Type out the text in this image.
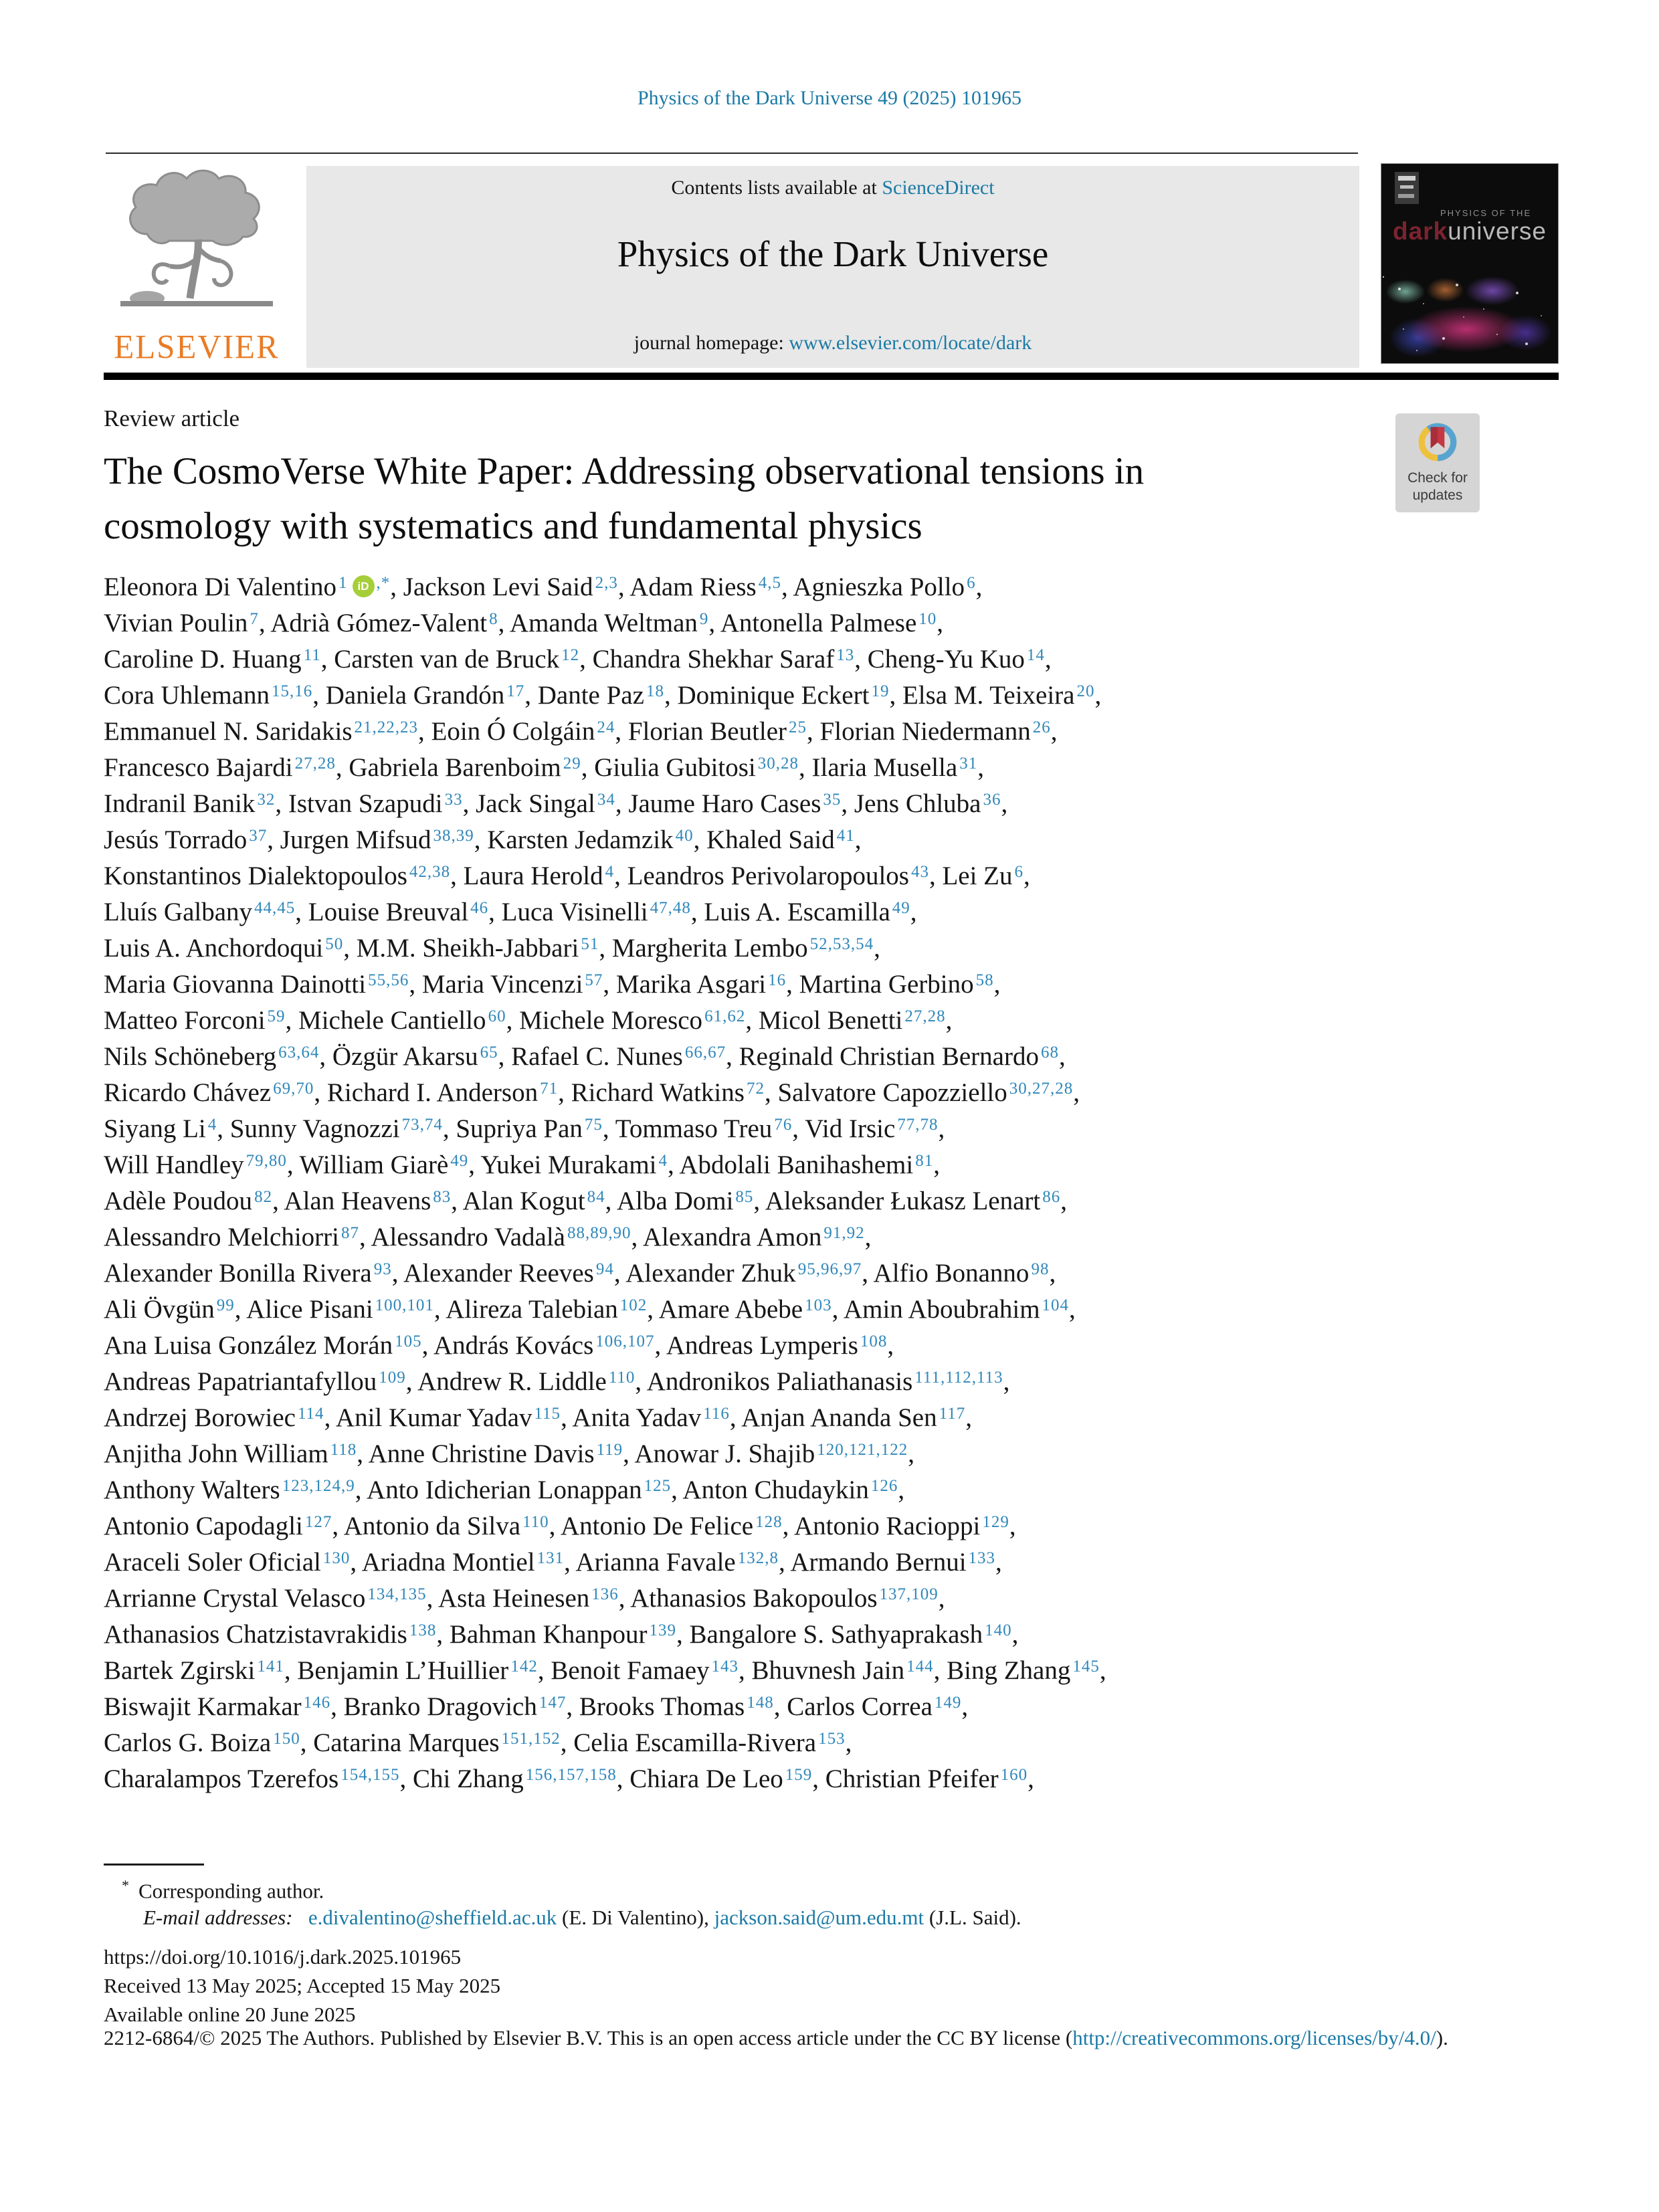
Physics of the Dark Universe 49 (2025) 101965
ELSEVIER
Contents lists available at ScienceDirect
Physics of the Dark Universe
journal homepage: www.elsevier.com/locate/dark
PHYSICS OF THE
darkuniverse
Review article
The CosmoVerse White Paper: Addressing observational tensions in
cosmology with systematics and fundamental physics
Check for
updates
Eleonora Di Valentino $^1$ iD ,*, Jackson Levi Said $^{2,3}$, Adam Riess $^{4,5}$, Agnieszka Pollo $^6$,
Vivian Poulin $^7$, Adrià Gómez-Valent $^8$, Amanda Weltman $^9$, Antonella Palmese $^{10}$,
Caroline D. Huang $^{11}$, Carsten van de Bruck $^{12}$, Chandra Shekhar Saraf $^{13}$, Cheng-Yu Kuo $^{14}$,
Cora Uhlemann $^{15,16}$, Daniela Grandón $^{17}$, Dante Paz $^{18}$, Dominique Eckert $^{19}$, Elsa M. Teixeira $^{20}$,
Emmanuel N. Saridakis $^{21,22,23}$, Eoin Ó Colgáin $^{24}$, Florian Beutler $^{25}$, Florian Niedermann $^{26}$,
Francesco Bajardi $^{27,28}$, Gabriela Barenboim $^{29}$, Giulia Gubitosi $^{30,28}$, Ilaria Musella $^{31}$,
Indranil Banik $^{32}$, Istvan Szapudi $^{33}$, Jack Singal $^{34}$, Jaume Haro Cases $^{35}$, Jens Chluba $^{36}$,
Jesús Torrado $^{37}$, Jurgen Mifsud $^{38,39}$, Karsten Jedamzik $^{40}$, Khaled Said $^{41}$,
Konstantinos Dialektopoulos $^{42,38}$, Laura Herold $^4$, Leandros Perivolaropoulos $^{43}$, Lei Zu $^6$,
Lluís Galbany $^{44,45}$, Louise Breuval $^{46}$, Luca Visinelli $^{47,48}$, Luis A. Escamilla $^{49}$,
Luis A. Anchordoqui $^{50}$, M.M. Sheikh-Jabbari $^{51}$, Margherita Lembo $^{52,53,54}$,
Maria Giovanna Dainotti $^{55,56}$, Maria Vincenzi $^{57}$, Marika Asgari $^{16}$, Martina Gerbino $^{58}$,
Matteo Forconi $^{59}$, Michele Cantiello $^{60}$, Michele Moresco $^{61,62}$, Micol Benetti $^{27,28}$,
Nils Schöneberg $^{63,64}$, Özgür Akarsu $^{65}$, Rafael C. Nunes $^{66,67}$, Reginald Christian Bernardo $^{68}$,
Ricardo Chávez $^{69,70}$, Richard I. Anderson $^{71}$, Richard Watkins $^{72}$, Salvatore Capozziello $^{30,27,28}$,
Siyang Li $^4$, Sunny Vagnozzi $^{73,74}$, Supriya Pan $^{75}$, Tommaso Treu $^{76}$, Vid Irsic $^{77,78}$,
Will Handley $^{79,80}$, William Giarè $^{49}$, Yukei Murakami $^4$, Abdolali Banihashemi $^{81}$,
Adèle Poudou $^{82}$, Alan Heavens $^{83}$, Alan Kogut $^{84}$, Alba Domi $^{85}$, Aleksander Łukasz Lenart $^{86}$,
Alessandro Melchiorri $^{87}$, Alessandro Vadalà $^{88,89,90}$, Alexandra Amon $^{91,92}$,
Alexander Bonilla Rivera $^{93}$, Alexander Reeves $^{94}$, Alexander Zhuk $^{95,96,97}$, Alfio Bonanno $^{98}$,
Ali Övgün $^{99}$, Alice Pisani $^{100,101}$, Alireza Talebian $^{102}$, Amare Abebe $^{103}$, Amin Aboubrahim $^{104}$,
Ana Luisa González Morán $^{105}$, András Kovács $^{106,107}$, Andreas Lymperis $^{108}$,
Andreas Papatriantafyllou $^{109}$, Andrew R. Liddle $^{110}$, Andronikos Paliathanasis $^{111,112,113}$,
Andrzej Borowiec $^{114}$, Anil Kumar Yadav $^{115}$, Anita Yadav $^{116}$, Anjan Ananda Sen $^{117}$,
Anjitha John William $^{118}$, Anne Christine Davis $^{119}$, Anowar J. Shajib $^{120,121,122}$,
Anthony Walters $^{123,124,9}$, Anto Idicherian Lonappan $^{125}$, Anton Chudaykin $^{126}$,
Antonio Capodagli $^{127}$, Antonio da Silva $^{110}$, Antonio De Felice $^{128}$, Antonio Racioppi $^{129}$,
Araceli Soler Oficial $^{130}$, Ariadna Montiel $^{131}$, Arianna Favale $^{132,8}$, Armando Bernui $^{133}$,
Arrianne Crystal Velasco $^{134,135}$, Asta Heinesen $^{136}$, Athanasios Bakopoulos $^{137,109}$,
Athanasios Chatzistavrakidis $^{138}$, Bahman Khanpour $^{139}$, Bangalore S. Sathyaprakash $^{140}$,
Bartek Zgirski $^{141}$, Benjamin L’Huillier $^{142}$, Benoit Famaey $^{143}$, Bhuvnesh Jain $^{144}$, Bing Zhang $^{145}$,
Biswajit Karmakar $^{146}$, Branko Dragovich $^{147}$, Brooks Thomas $^{148}$, Carlos Correa $^{149}$,
Carlos G. Boiza $^{150}$, Catarina Marques $^{151,152}$, Celia Escamilla-Rivera $^{153}$,
Charalampos Tzerefos $^{154,155}$, Chi Zhang $^{156,157,158}$, Chiara De Leo $^{159}$, Christian Pfeifer $^{160}$,
* Corresponding author.
E-mail addresses: e.divalentino@sheffield.ac.uk (E. Di Valentino), jackson.said@um.edu.mt (J.L. Said).
https://doi.org/10.1016/j.dark.2025.101965
Received 13 May 2025; Accepted 15 May 2025
Available online 20 June 2025
2212-6864/© 2025 The Authors. Published by Elsevier B.V. This is an open access article under the CC BY license (http://creativecommons.org/licenses/by/4.0/).
